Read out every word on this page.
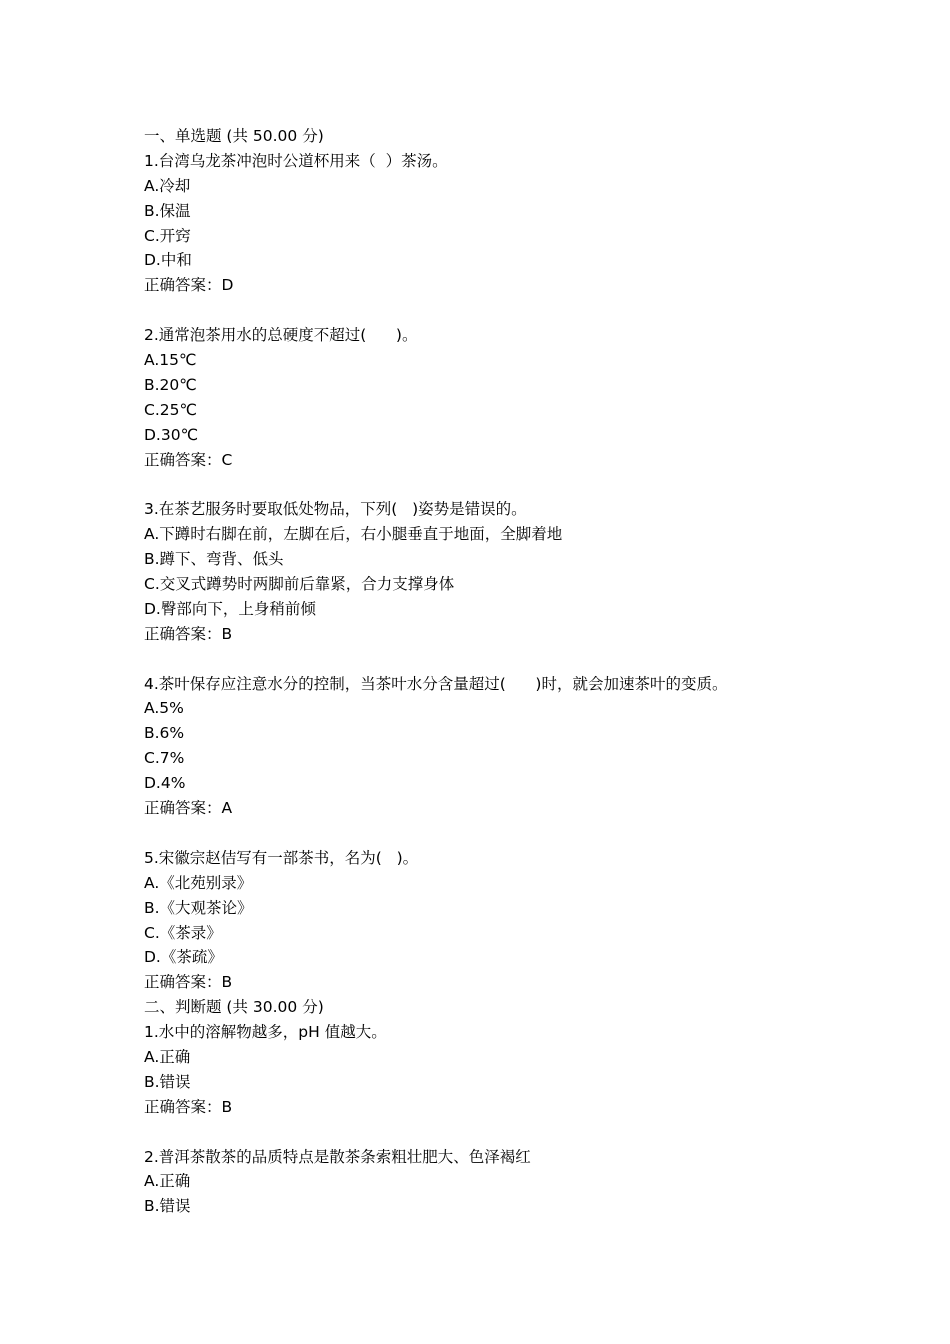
一、单选题 (共 50.00 分)
1.台湾乌龙茶冲泡时公道杯用来（  ）茶汤。
A.冷却
B.保温
C.开窍
D.中和
正确答案：D
2.通常泡茶用水的总硬度不超过(      )。
A.15℃
B.20℃
C.25℃
D.30℃
正确答案：C
3.在茶艺服务时要取低处物品，下列(   )姿势是错误的。
A.下蹲时右脚在前，左脚在后，右小腿垂直于地面，全脚着地
B.蹲下、弯背、低头
C.交叉式蹲势时两脚前后靠紧，合力支撑身体
D.臀部向下，上身稍前倾
正确答案：B
4.茶叶保存应注意水分的控制，当茶叶水分含量超过(      )时，就会加速茶叶的变质。
A.5%
B.6%
C.7%
D.4%
正确答案：A
5.宋徽宗赵佶写有一部茶书，名为(   )。
A.《北苑别录》
B.《大观茶论》
C.《茶录》
D.《茶疏》
正确答案：B
二、判断题 (共 30.00 分)
1.水中的溶解物越多，pH 值越大。
A.正确
B.错误
正确答案：B
2.普洱茶散茶的品质特点是散茶条索粗壮肥大、色泽褐红
A.正确
B.错误
